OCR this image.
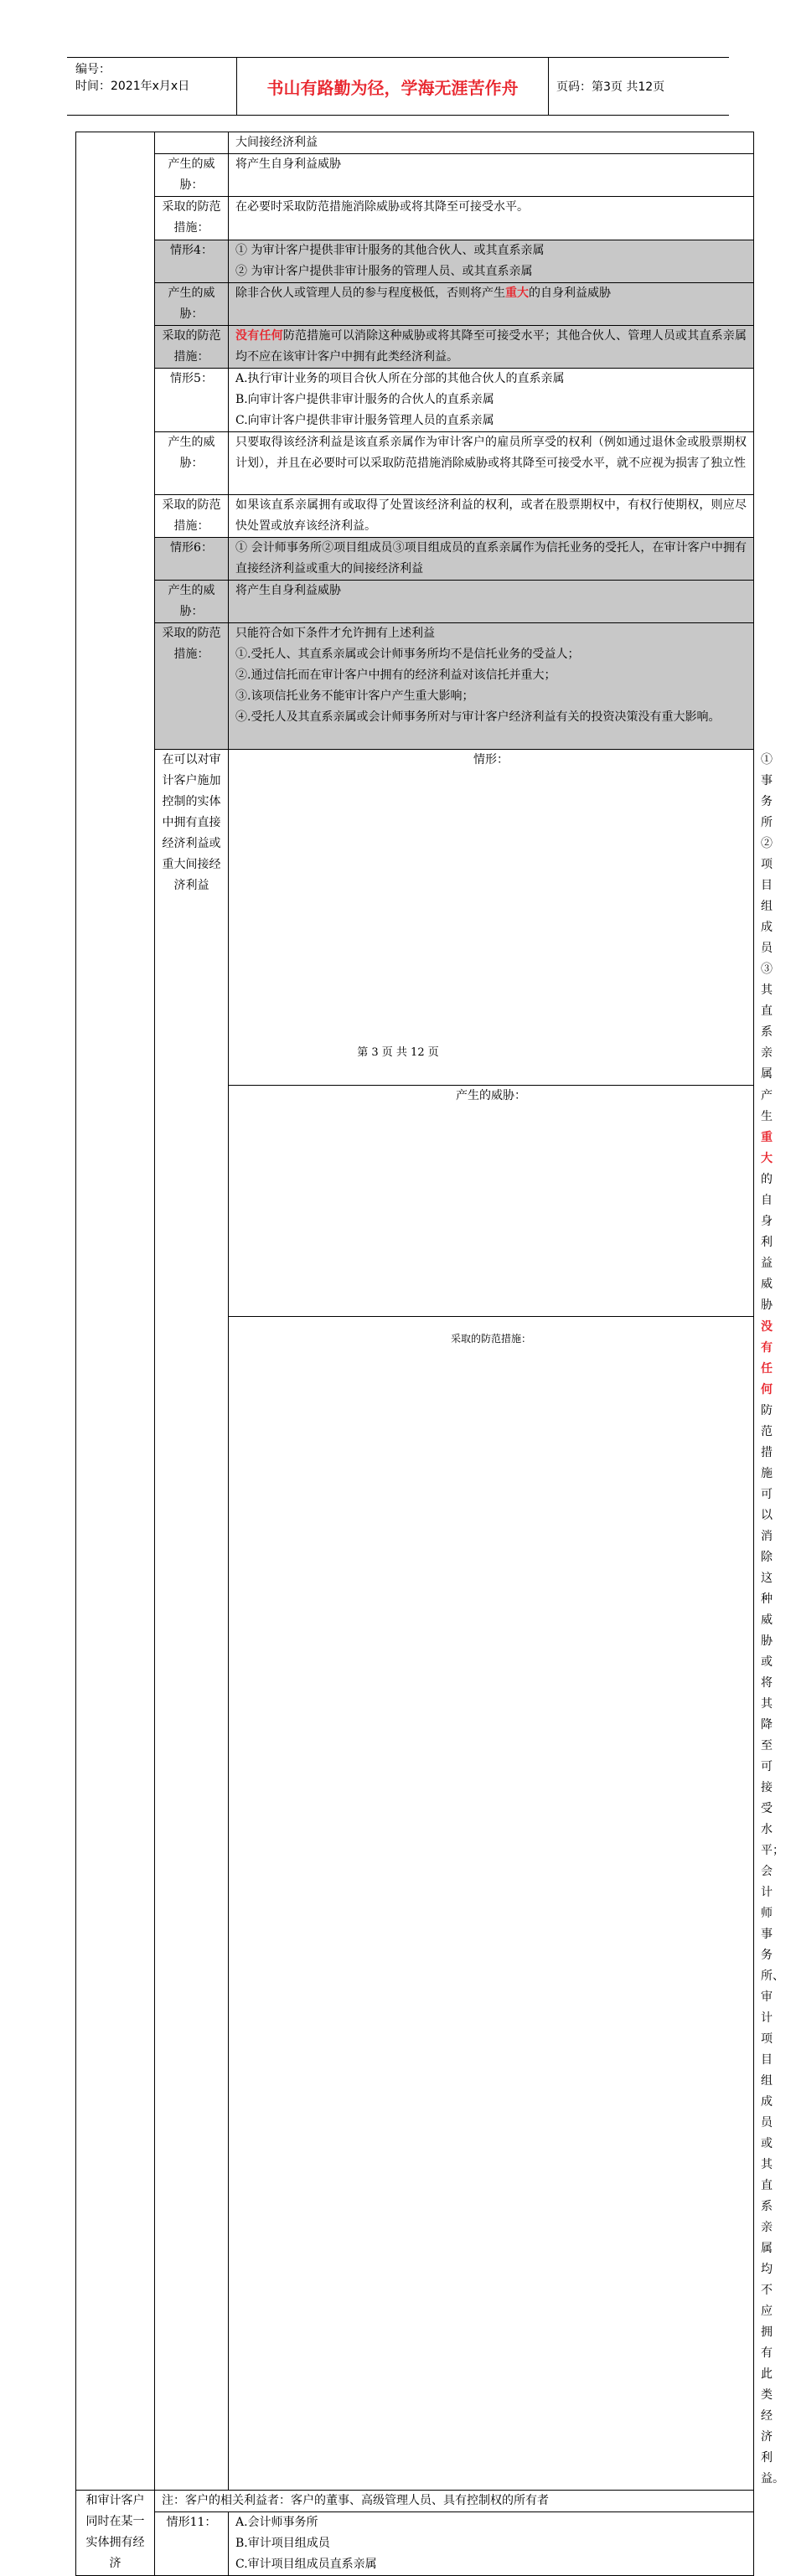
编号：
时间：2021年x月x日	书山有路勤为径，学海无涯苦作舟	页码：第3页 共12页
		大间接经济利益	
	产生的威胁：	将产生自身利益威胁	
	采取的防范措施：	在必要时采取防范措施消除威胁或将其降至可接受水平。	
	情形4：	① 为审计客户提供非审计服务的其他合伙人、或其直系亲属
② 为审计客户提供非审计服务的管理人员、或其直系亲属	

	产生的威胁：	除非合伙人或管理人员的参与程度极低，否则将产生重大的自身利益威胁	
	采取的防范措施：	没有任何防范措施可以消除这种威胁或将其降至可接受水平；其他合伙人、管理人员或其直系亲属均不应在该审计客户中拥有此类经济利益。	
	情形5：	A.执行审计业务的项目合伙人所在分部的其他合伙人的直系亲属
B.向审计客户提供非审计服务的合伙人的直系亲属
C.向审计客户提供非审计服务管理人员的直系亲属	

	产生的威胁：	只要取得该经济利益是该直系亲属作为审计客户的雇员所享受的权利（例如通过退休金或股票期权计划），并且在必要时可以采取防范措施消除威胁或将其降至可接受水平，就不应视为损害了独立性	
	采取的防范措施：	如果该直系亲属拥有或取得了处置该经济利益的权利，或者在股票期权中，有权行使期权，则应尽快处置或放弃该经济利益。	
	情形6：	① 会计师事务所②项目组成员③项目组成员的直系亲属作为信托业务的受托人，在审计客户中拥有直接经济利益或重大的间接经济利益	
	产生的威胁：	将产生自身利益威胁	
	采取的防范措施：	只能符合如下条件才允许拥有上述利益
①.受托人、其直系亲属或会计师事务所均不是信托业务的受益人；
②.通过信托而在审计客户中拥有的经济利益对该信托并重大；
③.该项信托业务不能审计客户产生重大影响；
④.受托人及其直系亲属或会计师事务所对与审计客户经济利益有关的投资决策没有重大影响。	

	在可以对审计客户施加控制的实体中拥有直接经济利益或重大间接经济利益	情形：	① 事务所
② 项目组成员
③ 其直系亲属

		产生的威胁：	产生重大的自身利益威胁
		采取的防范措施：	没有任何防范措施可以消除这种威胁或将其降至可接受水平；会计师事务所、审计项目组成员或其直系亲属均不应拥有此类经济利益。
和审计客户同时在某一实体拥有经济	注：客户的相关利益者：客户的董事、高级管理人员、具有控制权的所有者		
	情形11：	A.会计师事务所
B.审计项目组成员
C.审计项目组成员直系亲属	
第 3 页 共 12 页
